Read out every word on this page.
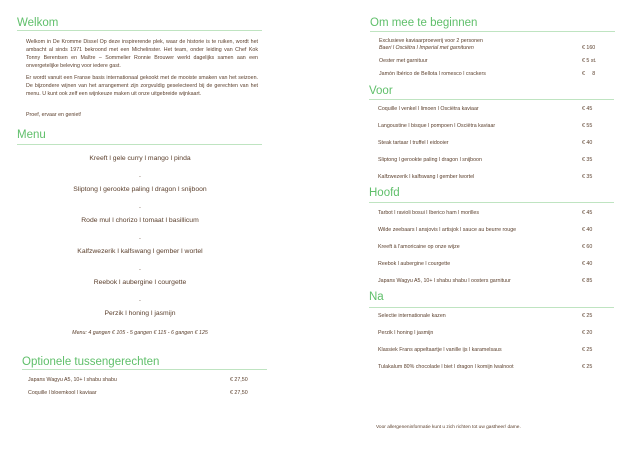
Welkom
Welkom in De Kromme Dissel Op deze inspirerende plek, waar de historie is te ruiken, wordt het ambacht al sinds 1971 bekroond met een Michelinster. Het team, onder leiding van Chef Kok Tonny Berentsen en Maître – Sommelier Ronnie Brouwer werkt dagelijks samen aan een onvergetelijke beleving voor iedere gast.
Er wordt vanuit een Franse basis internationaal gekookt met de mooiste smaken van het seizoen. De bijzondere wijnen van het arrangement zijn zorgvuldig geselecteerd bij de gerechten van het menu. U kunt ook zelf een wijnkeuze maken uit onze uitgebreide wijnkaart.
Proef, ervaar en geniet!
Menu
Kreeft l gele curry l mango l pinda
-
Sliptong l gerookte paling l dragon l snijboon
-
Rode mul l chorizo l tomaat l basillicum
-
Kalfzwezerik l kalfswang l gember l wortel
-
Reebok l aubergine l courgette
-
Perzik l honing l jasmijn
Menu: 4 gangen € 105 - 5 gangen € 115 - 6 gangen € 125
Optionele tussengerechten
Japans Wagyu A5, 10+ l shabu shabu	€ 27,50
Coquille l bloemkool l kaviaar	€ 27,50
Om mee te beginnen
Exclusieve kaviaarproeverij voor 2 personen
Baeri l Osciëtra l Imperial met garnituren	€ 160
Oester met garnituur	€ 5 st.
Jamón Ibérico de Bellota l romesco l crackers	€     8
Voor
Coquille l venkel l limoen l Osciëtra kaviaar	€ 45
Langoustine l bisque l pompoen l Osciëtra kaviaar	€ 55
Steak tartaar l truffel l eidooier	€ 40
Sliptong l gerookte paling l dragon l snijboon	€ 35
Kalfzwezerik l kalfswang l gember lwortel	€ 35
Hoofd
Tarbot l ravioli bosui l Iberico ham l morilles	€ 45
Wilde zeebaars l ansjovis l artisjok l sauce au beurre rouge	€ 40
Kreeft à l'amoricaine op onze wijze	€ 60
Reebok l aubergine l courgette	€ 40
Japans Wagyu A5, 10+ l shabu shabu l oosters garnituur	€ 85
Na
Selectie internationale kazen	€ 25
Perzik l honing l jasmijn	€ 20
Klassiek Frans appeltaartje l vanille ijs l karamelsaus	€ 25
Tulakalum 80% chocolade l biet l dragon l komijn lwalnoot	€ 25
Voor allergeneninformatie kunt u zich richten tot uw gastheer/ dame.
